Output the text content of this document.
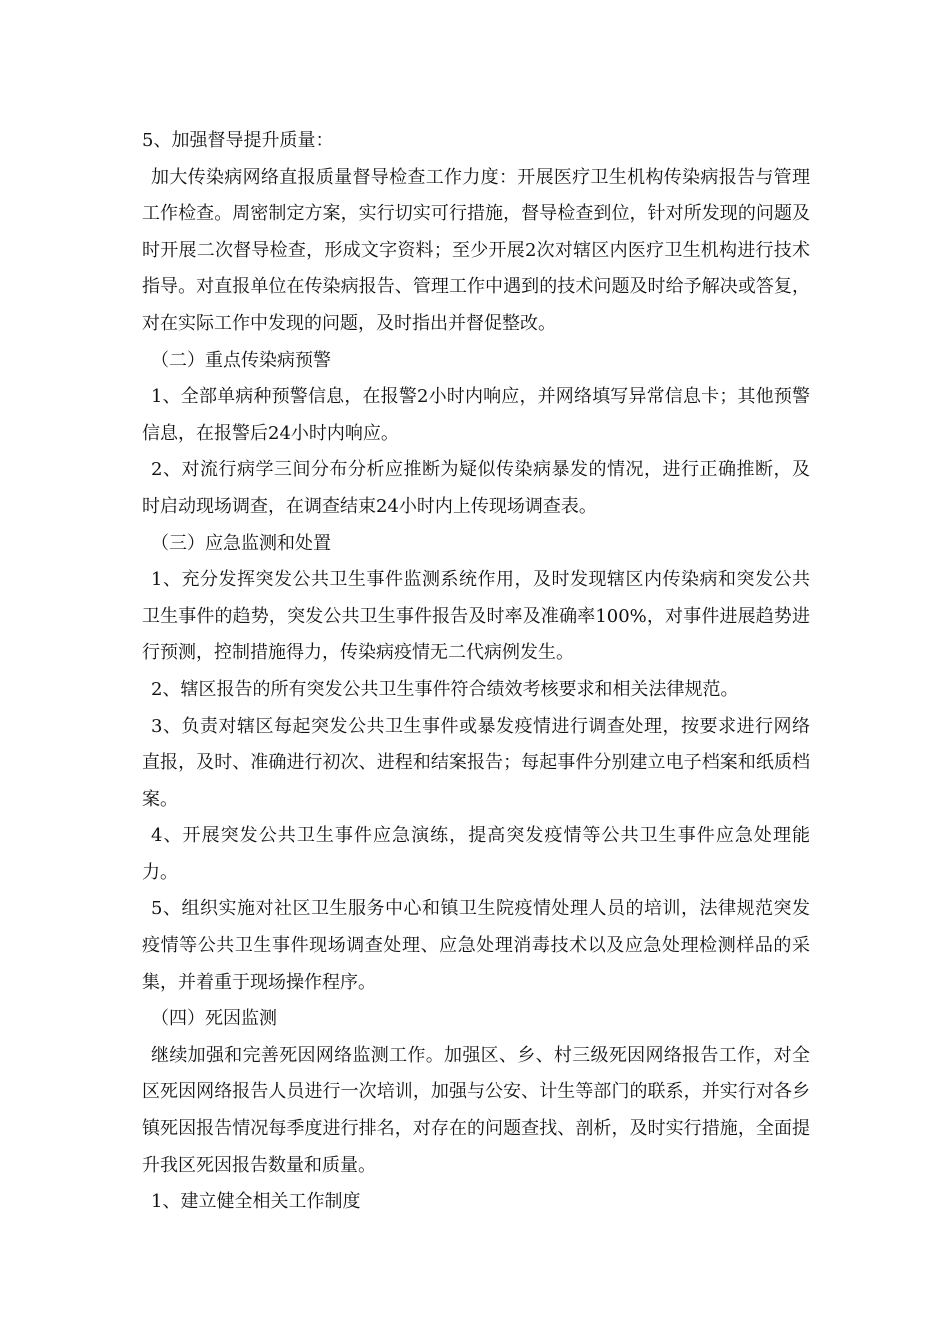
5、加强督导提升质量：

加大传染病网络直报质量督导检查工作力度：开展医疗卫生机构传染病报告与管理工作检查。周密制定方案，实行切实可行措施，督导检查到位，针对所发现的问题及时开展二次督导检查，形成文字资料；至少开展2次对辖区内医疗卫生机构进行技术指导。对直报单位在传染病报告、管理工作中遇到的技术问题及时给予解决或答复，对在实际工作中发现的问题，及时指出并督促整改。

（二）重点传染病预警

1、全部单病种预警信息，在报警2小时内响应，并网络填写异常信息卡；其他预警信息，在报警后24小时内响应。

2、对流行病学三间分布分析应推断为疑似传染病暴发的情况，进行正确推断，及时启动现场调查，在调查结束24小时内上传现场调查表。

（三）应急监测和处置

1、充分发挥突发公共卫生事件监测系统作用，及时发现辖区内传染病和突发公共卫生事件的趋势，突发公共卫生事件报告及时率及准确率100%，对事件进展趋势进行预测，控制措施得力，传染病疫情无二代病例发生。

2、辖区报告的所有突发公共卫生事件符合绩效考核要求和相关法律规范。

3、负责对辖区每起突发公共卫生事件或暴发疫情进行调查处理，按要求进行网络直报，及时、准确进行初次、进程和结案报告；每起事件分别建立电子档案和纸质档案。

4、开展突发公共卫生事件应急演练，提高突发疫情等公共卫生事件应急处理能力。

5、组织实施对社区卫生服务中心和镇卫生院疫情处理人员的培训，法律规范突发疫情等公共卫生事件现场调查处理、应急处理消毒技术以及应急处理检测样品的采集，并着重于现场操作程序。

（四）死因监测

继续加强和完善死因网络监测工作。加强区、乡、村三级死因网络报告工作，对全区死因网络报告人员进行一次培训，加强与公安、计生等部门的联系，并实行对各乡镇死因报告情况每季度进行排名，对存在的问题查找、剖析，及时实行措施，全面提升我区死因报告数量和质量。

1、建立健全相关工作制度
